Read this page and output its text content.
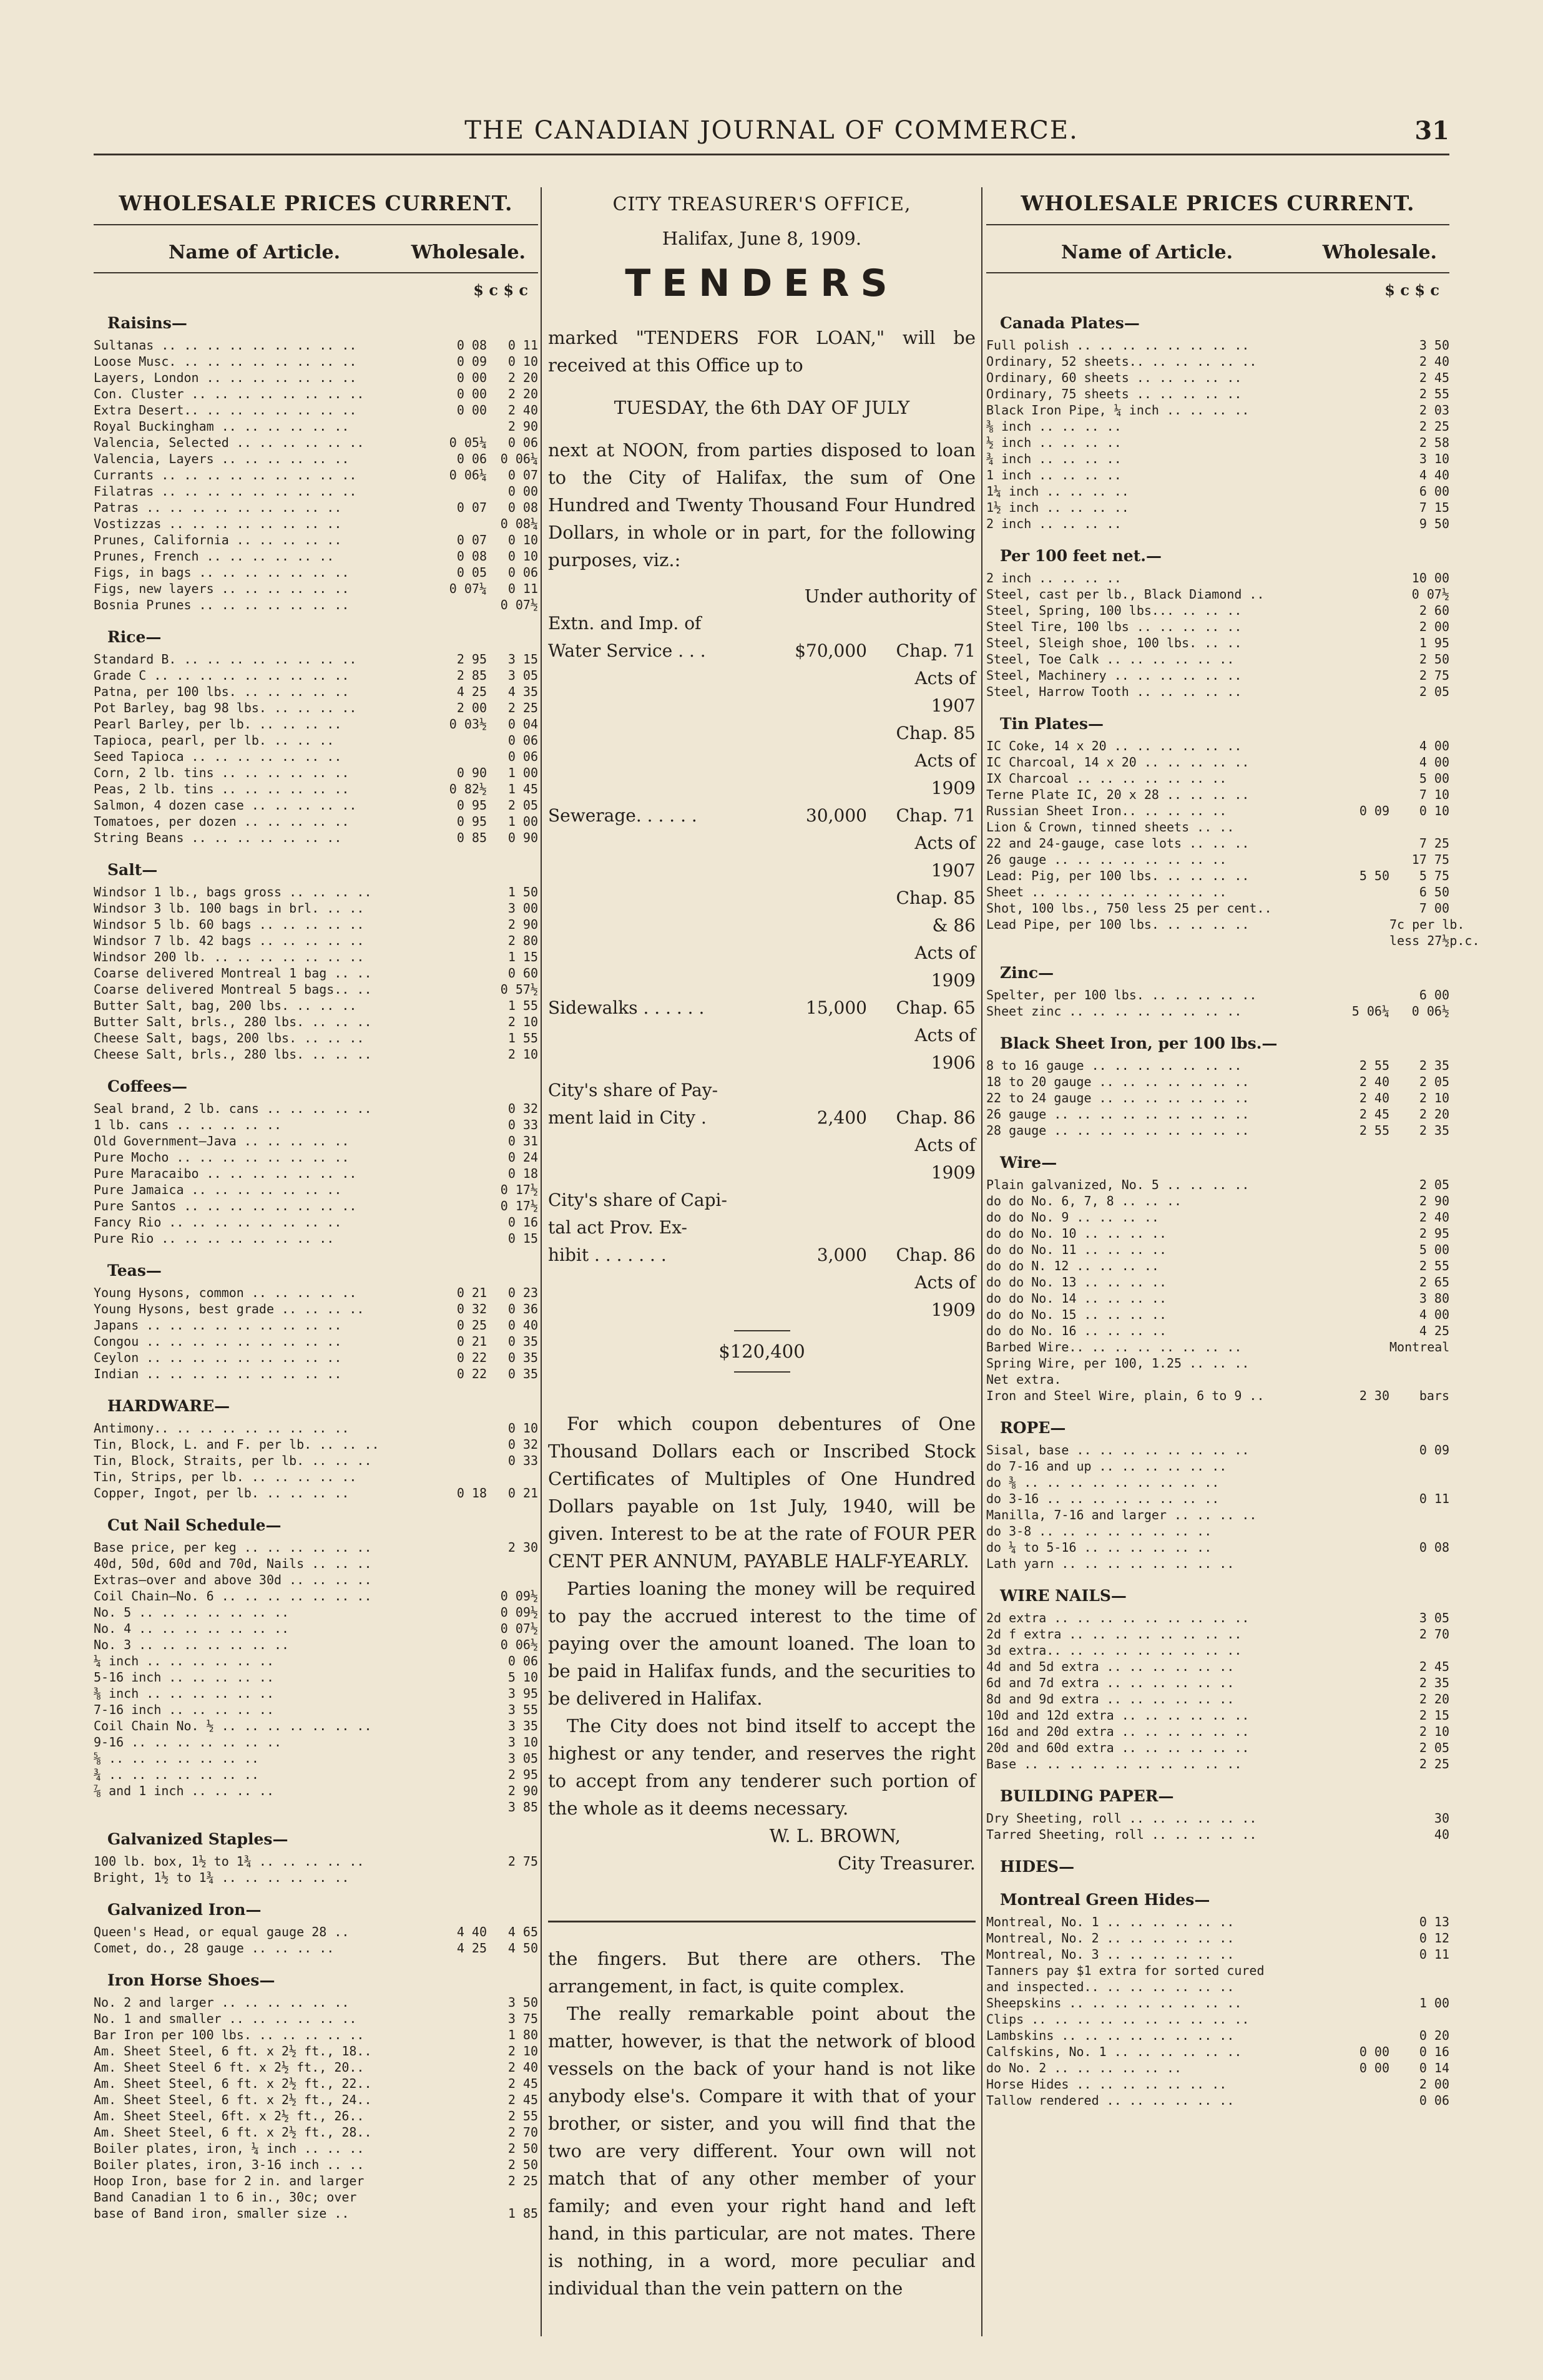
THE CANADIAN JOURNAL OF COMMERCE.	31
WHOLESALE PRICES CURRENT.
Name of Article.	Wholesale.
$ c $ c
Raisins—
Sultanas .. .. .. .. .. .. .. .. ..	0 08	0 11
Loose Musc. .. .. .. .. .. .. .. ..	0 09	0 10
Layers, London .. .. .. .. .. .. ..	0 00	2 20
Con. Cluster .. .. .. .. .. .. .. ..	0 00	2 20
Extra Desert.. .. .. .. .. .. .. ..	0 00	2 40
Royal Buckingham .. .. .. .. .. ..	2 90
Valencia, Selected .. .. .. .. .. ..	0 05¼	0 06
Valencia, Layers .. .. .. .. .. ..	0 06	0 06¼
Currants .. .. .. .. .. .. .. .. ..	0 06¼	0 07
Filatras .. .. .. .. .. .. .. .. ..	0 00
Patras .. .. .. .. .. .. .. .. ..	0 07	0 08
Vostizzas .. .. .. .. .. .. .. ..	0 08¼
Prunes, California .. .. .. .. ..	0 07	0 10
Prunes, French .. .. .. .. .. ..	0 08	0 10
Figs, in bags .. .. .. .. .. .. ..	0 05	0 06
Figs, new layers .. .. .. .. .. ..	0 07¼	0 11
Bosnia Prunes .. .. .. .. .. .. ..	0 07½
Rice—
Standard B. .. .. .. .. .. .. .. ..	2 95	3 15
Grade C .. .. .. .. .. .. .. .. ..	2 85	3 05
Patna, per 100 lbs. .. .. .. .. ..	4 25	4 35
Pot Barley, bag 98 lbs. .. .. .. ..	2 00	2 25
Pearl Barley, per lb. .. .. .. ..	0 03½	0 04
Tapioca, pearl, per lb. .. .. ..	0 06
Seed Tapioca .. .. .. .. .. .. ..	0 06
Corn, 2 lb. tins .. .. .. .. .. ..	0 90	1 00
Peas, 2 lb. tins .. .. .. .. .. ..	0 82½	1 45
Salmon, 4 dozen case .. .. .. .. ..	0 95	2 05
Tomatoes, per dozen .. .. .. .. ..	0 95	1 00
String Beans .. .. .. .. .. .. ..	0 85	0 90
Salt—
Windsor 1 lb., bags gross .. .. .. ..	1 50
Windsor 3 lb. 100 bags in brl. .. ..	3 00
Windsor 5 lb. 60 bags .. .. .. .. ..	2 90
Windsor 7 lb. 42 bags .. .. .. .. ..	2 80
Windsor 200 lb. .. .. .. .. .. .. ..	1 15
Coarse delivered Montreal 1 bag .. ..	0 60
Coarse delivered Montreal 5 bags.. ..	0 57½
Butter Salt, bag, 200 lbs. .. .. ..	1 55
Butter Salt, brls., 280 lbs. .. .. ..	2 10
Cheese Salt, bags, 200 lbs. .. .. ..	1 55
Cheese Salt, brls., 280 lbs. .. .. ..	2 10
Coffees—
Seal brand, 2 lb. cans .. .. .. .. ..	0 32
1 lb. cans .. .. .. .. ..	0 33
Old Government—Java .. .. .. .. ..	0 31
Pure Mocho .. .. .. .. .. .. .. ..	0 24
Pure Maracaibo .. .. .. .. .. .. ..	0 18
Pure Jamaica .. .. .. .. .. .. ..	0 17½
Pure Santos .. .. .. .. .. .. .. ..	0 17½
Fancy Rio .. .. .. .. .. .. .. ..	0 16
Pure Rio .. .. .. .. .. .. .. ..	0 15
Teas—
Young Hysons, common .. .. .. .. ..	0 21	0 23
Young Hysons, best grade .. .. .. ..	0 32	0 36
Japans .. .. .. .. .. .. .. .. ..	0 25	0 40
Congou .. .. .. .. .. .. .. .. ..	0 21	0 35
Ceylon .. .. .. .. .. .. .. .. ..	0 22	0 35
Indian .. .. .. .. .. .. .. .. ..	0 22	0 35
HARDWARE—
Antimony.. .. .. .. .. .. .. .. ..	0 10
Tin, Block, L. and F. per lb. .. .. ..	0 32
Tin, Block, Straits, per lb. .. .. ..	0 33
Tin, Strips, per lb. .. .. .. .. ..
Copper, Ingot, per lb. .. .. .. ..	0 18	0 21
Cut Nail Schedule—
Base price, per keg .. .. .. .. .. ..	2 30
40d, 50d, 60d and 70d, Nails .. .. ..
Extras—over and above 30d .. .. .. ..
Coil Chain—No. 6 .. .. .. .. .. .. ..	0 09½
No. 5 .. .. .. .. .. .. ..	0 09½
No. 4 .. .. .. .. .. .. ..	0 07½
No. 3 .. .. .. .. .. .. ..	0 06½
¼ inch .. .. .. .. .. ..	0 06
5-16 inch .. .. .. .. ..	5 10
⅜ inch .. .. .. .. .. ..	3 95
7-16 inch .. .. .. .. ..	3 55
Coil Chain No. ½ .. .. .. .. .. .. ..	3 35
9-16 .. .. .. .. .. .. ..	3 10
⅝ .. .. .. .. .. .. ..	3 05
¾ .. .. .. .. .. .. ..	2 95
⅞ and 1 inch .. .. .. ..	2 90
3 85
Galvanized Staples—
100 lb. box, 1½ to 1¾ .. .. .. .. ..	2 75
Bright, 1½ to 1¾ .. .. .. .. .. ..
Galvanized Iron—
Queen's Head, or equal gauge 28 ..	4 40	4 65
Comet, do., 28 gauge .. .. .. ..	4 25	4 50
Iron Horse Shoes—
No. 2 and larger .. .. .. .. .. ..	3 50
No. 1 and smaller .. .. .. .. .. ..	3 75
Bar Iron per 100 lbs. .. .. .. .. ..	1 80
Am. Sheet Steel, 6 ft. x 2½ ft., 18..	2 10
Am. Sheet Steel 6 ft. x 2½ ft., 20..	2 40
Am. Sheet Steel, 6 ft. x 2½ ft., 22..	2 45
Am. Sheet Steel, 6 ft. x 2½ ft., 24..	2 45
Am. Sheet Steel, 6ft. x 2½ ft., 26..	2 55
Am. Sheet Steel, 6 ft. x 2½ ft., 28..	2 70
Boiler plates, iron, ¼ inch .. .. ..	2 50
Boiler plates, iron, 3-16 inch .. ..	2 50
Hoop Iron, base for 2 in. and larger	2 25
Band Canadian 1 to 6 in., 30c; over
base of Band iron, smaller size ..	1 85
CITY TREASURER'S OFFICE,
Halifax, June 8, 1909.
TENDERS
marked "TENDERS FOR LOAN," will be received at this Office up to
TUESDAY, the 6th DAY OF JULY
next at NOON, from parties disposed to loan to the City of Halifax, the sum of One Hundred and Twenty Thousand Four Hundred Dollars, in whole or in part, for the following purposes, viz.:
Under authority of
Extn. and Imp. of
Water Service . . .	$70,000	Chap. 71
Acts of 1907
Chap. 85
Acts of 1909
Sewerage. . . . . .	30,000	Chap. 71
Acts of 1907
Chap. 85 & 86
Acts of 1909
Sidewalks . . . . . .	15,000	Chap. 65
Acts of 1906
City's share of Pay-
ment laid in City .	2,400	Chap. 86
Acts of 1909
City's share of Capi-
tal act Prov. Ex-
hibit . . . . . . .	3,000	Chap. 86
Acts of 1909
$120,400
For which coupon debentures of One Thousand Dollars each or Inscribed Stock Certificates of Multiples of One Hundred Dollars payable on 1st July, 1940, will be given. Interest to be at the rate of FOUR PER CENT PER ANNUM, PAYABLE HALF-YEARLY.
Parties loaning the money will be required to pay the accrued interest to the time of paying over the amount loaned. The loan to be paid in Halifax funds, and the securities to be delivered in Halifax.
The City does not bind itself to accept the highest or any tender, and reserves the right to accept from any tenderer such portion of the whole as it deems necessary.
W. L. BROWN,
City Treasurer.
the fingers. But there are others. The arrangement, in fact, is quite complex.
The really remarkable point about the matter, however, is that the network of blood vessels on the back of your hand is not like anybody else's. Compare it with that of your brother, or sister, and you will find that the two are very different. Your own will not match that of any other member of your family; and even your right hand and left hand, in this particular, are not mates. There is nothing, in a word, more peculiar and individual than the vein pattern on the
WHOLESALE PRICES CURRENT.
Name of Article.	Wholesale.
$ c $ c
Canada Plates—
Full polish .. .. .. .. .. .. .. ..	3 50
Ordinary, 52 sheets.. .. .. .. .. ..	2 40
Ordinary, 60 sheets .. .. .. .. ..	2 45
Ordinary, 75 sheets .. .. .. .. ..	2 55
Black Iron Pipe, ¼ inch .. .. .. ..	2 03
⅜ inch .. .. .. ..	2 25
½ inch .. .. .. ..	2 58
¾ inch .. .. .. ..	3 10
1 inch .. .. .. ..	4 40
1¼ inch .. .. .. ..	6 00
1½ inch .. .. .. ..	7 15
2 inch .. .. .. ..	9 50
Per 100 feet net.—
2 inch .. .. .. ..	10 00
Steel, cast per lb., Black Diamond ..	0 07½
Steel, Spring, 100 lbs... .. .. ..	2 60
Steel Tire, 100 lbs .. .. .. .. ..	2 00
Steel, Sleigh shoe, 100 lbs. .. ..	1 95
Steel, Toe Calk .. .. .. .. .. ..	2 50
Steel, Machinery .. .. .. .. .. ..	2 75
Steel, Harrow Tooth .. .. .. .. ..	2 05
Tin Plates—
IC Coke, 14 x 20 .. .. .. .. .. ..	4 00
IC Charcoal, 14 x 20 .. .. .. .. ..	4 00
IX Charcoal .. .. .. .. .. .. ..	5 00
Terne Plate IC, 20 x 28 .. .. .. ..	7 10
Russian Sheet Iron.. .. .. .. ..	0 09	0 10
Lion & Crown, tinned sheets .. ..
22 and 24-gauge, case lots .. .. ..	7 25
26 gauge .. .. .. .. .. .. .. ..	17 75
Lead: Pig, per 100 lbs. .. .. .. ..	5 50	5 75
Sheet .. .. .. .. .. .. .. .. ..	6 50
Shot, 100 lbs., 750 less 25 per cent..	7 00
Lead Pipe, per 100 lbs. .. .. .. ..	7c per lb.
less 27½p.c.
Zinc—
Spelter, per 100 lbs. .. .. .. .. ..	6 00
Sheet zinc .. .. .. .. .. .. .. ..	5 06¼	0 06½
Black Sheet Iron, per 100 lbs.—
8 to 16 gauge .. .. .. .. .. .. ..	2 55	2 35
18 to 20 gauge .. .. .. .. .. .. ..	2 40	2 05
22 to 24 gauge .. .. .. .. .. .. ..	2 40	2 10
26 gauge .. .. .. .. .. .. .. .. ..	2 45	2 20
28 gauge .. .. .. .. .. .. .. .. ..	2 55	2 35
Wire—
Plain galvanized, No. 5 .. .. .. ..	2 05
do do No. 6, 7, 8 .. .. ..	2 90
do do No. 9 .. .. .. ..	2 40
do do No. 10 .. .. .. ..	2 95
do do No. 11 .. .. .. ..	5 00
do do N. 12 .. .. .. ..	2 55
do do No. 13 .. .. .. ..	2 65
do do No. 14 .. .. .. ..	3 80
do do No. 15 .. .. .. ..	4 00
do do No. 16 .. .. .. ..	4 25
Barbed Wire.. .. .. .. .. .. .. ..	Montreal
Spring Wire, per 100, 1.25 .. .. ..
Net extra.
Iron and Steel Wire, plain, 6 to 9 ..	2 30	bars
ROPE—
Sisal, base .. .. .. .. .. .. .. ..	0 09
do 7-16 and up .. .. .. .. .. ..
do ⅜ .. .. .. .. .. .. .. .. ..
do 3-16 .. .. .. .. .. .. .. ..	0 11
Manilla, 7-16 and larger .. .. .. ..
do 3-8 .. .. .. .. .. .. .. ..
do ¼ to 5-16 .. .. .. .. .. ..	0 08
Lath yarn .. .. .. .. .. .. .. ..
WIRE NAILS—
2d extra .. .. .. .. .. .. .. .. ..	3 05
2d f extra .. .. .. .. .. .. .. ..	2 70
3d extra.. .. .. .. .. .. .. .. ..
4d and 5d extra .. .. .. .. .. ..	2 45
6d and 7d extra .. .. .. .. .. ..	2 35
8d and 9d extra .. .. .. .. .. ..	2 20
10d and 12d extra .. .. .. .. .. ..	2 15
16d and 20d extra .. .. .. .. .. ..	2 10
20d and 60d extra .. .. .. .. .. ..	2 05
Base .. .. .. .. .. .. .. .. .. ..	2 25
BUILDING PAPER—
Dry Sheeting, roll .. .. .. .. .. ..	30
Tarred Sheeting, roll .. .. .. .. ..	40
HIDES—
Montreal Green Hides—
Montreal, No. 1 .. .. .. .. .. ..	0 13
Montreal, No. 2 .. .. .. .. .. ..	0 12
Montreal, No. 3 .. .. .. .. .. ..	0 11
Tanners pay $1 extra for sorted cured
and inspected.. .. .. .. .. .. ..
Sheepskins .. .. .. .. .. .. .. ..	1 00
Clips .. .. .. .. .. .. .. .. .. ..
Lambskins .. .. .. .. .. .. .. ..	0 20
Calfskins, No. 1 .. .. .. .. .. ..	0 00	0 16
do No. 2 .. .. .. .. .. ..	0 00	0 14
Horse Hides .. .. .. .. .. .. ..	2 00
Tallow rendered .. .. .. .. .. ..	0 06
